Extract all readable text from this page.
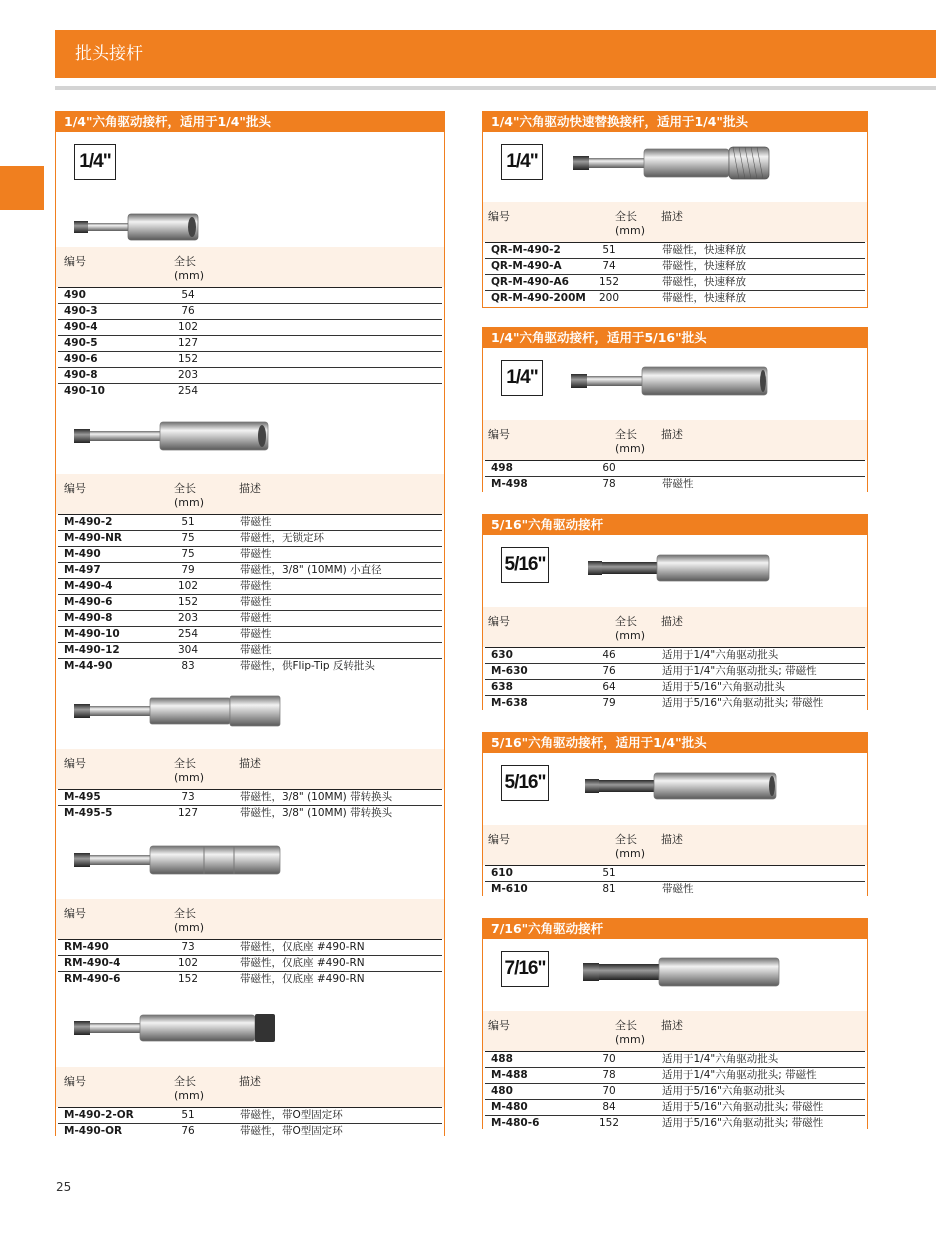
批头接杆
25
1/4"六角驱动接杆，适用于1/4"批头
1/4"
编号	全长
(mm)
490	54
490-3	76
490-4	102
490-5	127
490-6	152
490-8	203
490-10	254
编号	全长
(mm)
描述
M-490-2	51	带磁性
M-490-NR	75	带磁性，无锁定环
M-490	75	带磁性
M-497	79	带磁性，3/8" (10MM) 小直径
M-490-4	102	带磁性
M-490-6	152	带磁性
M-490-8	203	带磁性
M-490-10	254	带磁性
M-490-12	304	带磁性
M-44-90	83	带磁性，供Flip-Tip 反转批头
编号	全长
(mm)
描述
M-495	73	带磁性，3/8" (10MM) 带转换头
M-495-5	127	带磁性，3/8" (10MM) 带转换头
编号	全长
(mm)
RM-490	73	带磁性，仅底座 #490-RN
RM-490-4	102	带磁性，仅底座 #490-RN
RM-490-6	152	带磁性，仅底座 #490-RN
编号	全长
(mm)
描述
M-490-2-OR	51	带磁性，带O型固定环
M-490-OR	76	带磁性，带O型固定环
1/4"六角驱动快速替换接杆，适用于1/4"批头
1/4"
编号	全长
(mm)
描述
QR-M-490-2	51	带磁性，快速释放
QR-M-490-A	74	带磁性，快速释放
QR-M-490-A6	152	带磁性，快速释放
QR-M-490-200M	200	带磁性，快速释放
1/4"六角驱动接杆，适用于5/16"批头
1/4"
编号	全长
(mm)
描述
498	60
M-498	78	带磁性
5/16"六角驱动接杆
5/16"
编号	全长
(mm)
描述
630	46	适用于1/4"六角驱动批头
M-630	76	适用于1/4"六角驱动批头; 带磁性
638	64	适用于5/16"六角驱动批头
M-638	79	适用于5/16"六角驱动批头; 带磁性
5/16"六角驱动接杆，适用于1/4"批头
5/16"
编号	全长
(mm)
描述
610	51
M-610	81	带磁性
7/16"六角驱动接杆
7/16"
编号	全长
(mm)
描述
488	70	适用于1/4"六角驱动批头
M-488	78	适用于1/4"六角驱动批头; 带磁性
480	70	适用于5/16"六角驱动批头
M-480	84	适用于5/16"六角驱动批头; 带磁性
M-480-6	152	适用于5/16"六角驱动批头; 带磁性
